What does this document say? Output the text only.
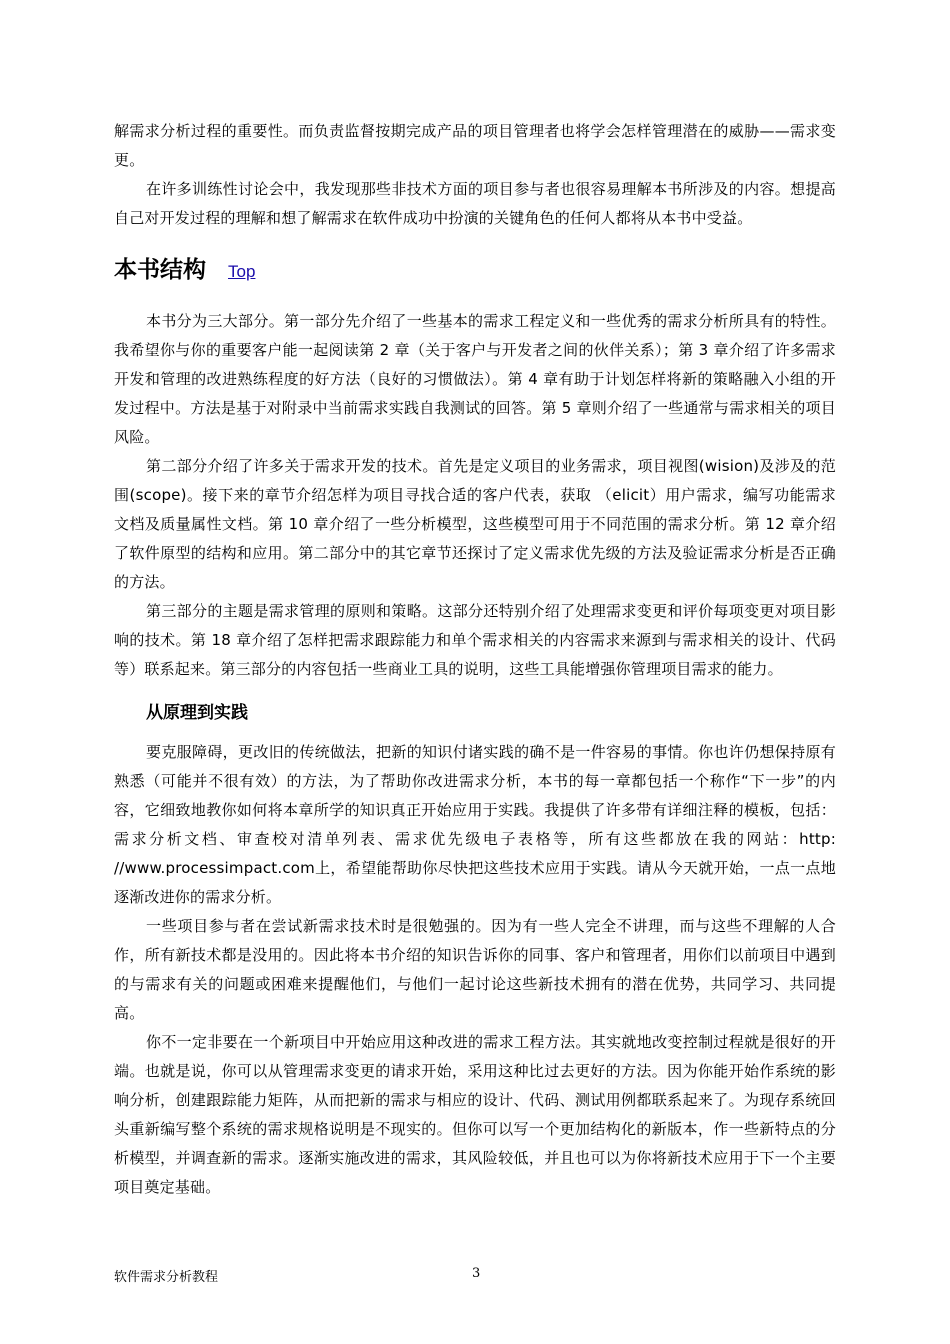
解需求分析过程的重要性。而负责监督按期完成产品的项目管理者也将学会怎样管理潜在的威胁——需求变更。

在许多训练性讨论会中，我发现那些非技术方面的项目参与者也很容易理解本书所涉及的内容。想提高自己对开发过程的理解和想了解需求在软件成功中扮演的关键角色的任何人都将从本书中受益。

本书结构 Top

本书分为三大部分。第一部分先介绍了一些基本的需求工程定义和一些优秀的需求分析所具有的特性。我希望你与你的重要客户能一起阅读第 2 章（关于客户与开发者之间的伙伴关系）；第 3 章介绍了许多需求开发和管理的改进熟练程度的好方法（良好的习惯做法）。第 4 章有助于计划怎样将新的策略融入小组的开发过程中。方法是基于对附录中当前需求实践自我测试的回答。第 5 章则介绍了一些通常与需求相关的项目风险。

第二部分介绍了许多关于需求开发的技术。首先是定义项目的业务需求，项目视图(wision)及涉及的范围(scope)。接下来的章节介绍怎样为项目寻找合适的客户代表，获取 （elicit）用户需求，编写功能需求文档及质量属性文档。第 10 章介绍了一些分析模型，这些模型可用于不同范围的需求分析。第 12 章介绍了软件原型的结构和应用。第二部分中的其它章节还探讨了定义需求优先级的方法及验证需求分析是否正确的方法。

第三部分的主题是需求管理的原则和策略。这部分还特别介绍了处理需求变更和评价每项变更对项目影响的技术。第 18 章介绍了怎样把需求跟踪能力和单个需求相关的内容需求来源到与需求相关的设计、代码等）联系起来。第三部分的内容包括一些商业工具的说明，这些工具能增强你管理项目需求的能力。

从原理到实践

要克服障碍，更改旧的传统做法，把新的知识付诸实践的确不是一件容易的事情。你也许仍想保持原有熟悉（可能并不很有效）的方法，为了帮助你改进需求分析，本书的每一章都包括一个称作“下一步”的内容，它细致地教你如何将本章所学的知识真正开始应用于实践。我提供了许多带有详细注释的模板，包括：需求分析文档、审查校对清单列表、需求优先级电子表格等，所有这些都放在我的网站：http: //www.processimpact.com上，希望能帮助你尽快把这些技术应用于实践。请从今天就开始，一点一点地逐渐改进你的需求分析。

一些项目参与者在尝试新需求技术时是很勉强的。因为有一些人完全不讲理，而与这些不理解的人合作，所有新技术都是没用的。因此将本书介绍的知识告诉你的同事、客户和管理者，用你们以前项目中遇到的与需求有关的问题或困难来提醒他们，与他们一起讨论这些新技术拥有的潜在优势，共同学习、共同提高。

你不一定非要在一个新项目中开始应用这种改进的需求工程方法。其实就地改变控制过程就是很好的开端。也就是说，你可以从管理需求变更的请求开始，采用这种比过去更好的方法。因为你能开始作系统的影响分析，创建跟踪能力矩阵，从而把新的需求与相应的设计、代码、测试用例都联系起来了。为现存系统回头重新编写整个系统的需求规格说明是不现实的。但你可以写一个更加结构化的新版本，作一些新特点的分析模型，并调查新的需求。逐渐实施改进的需求，其风险较低，并且也可以为你将新技术应用于下一个主要项目奠定基础。

软件需求分析教程	3
